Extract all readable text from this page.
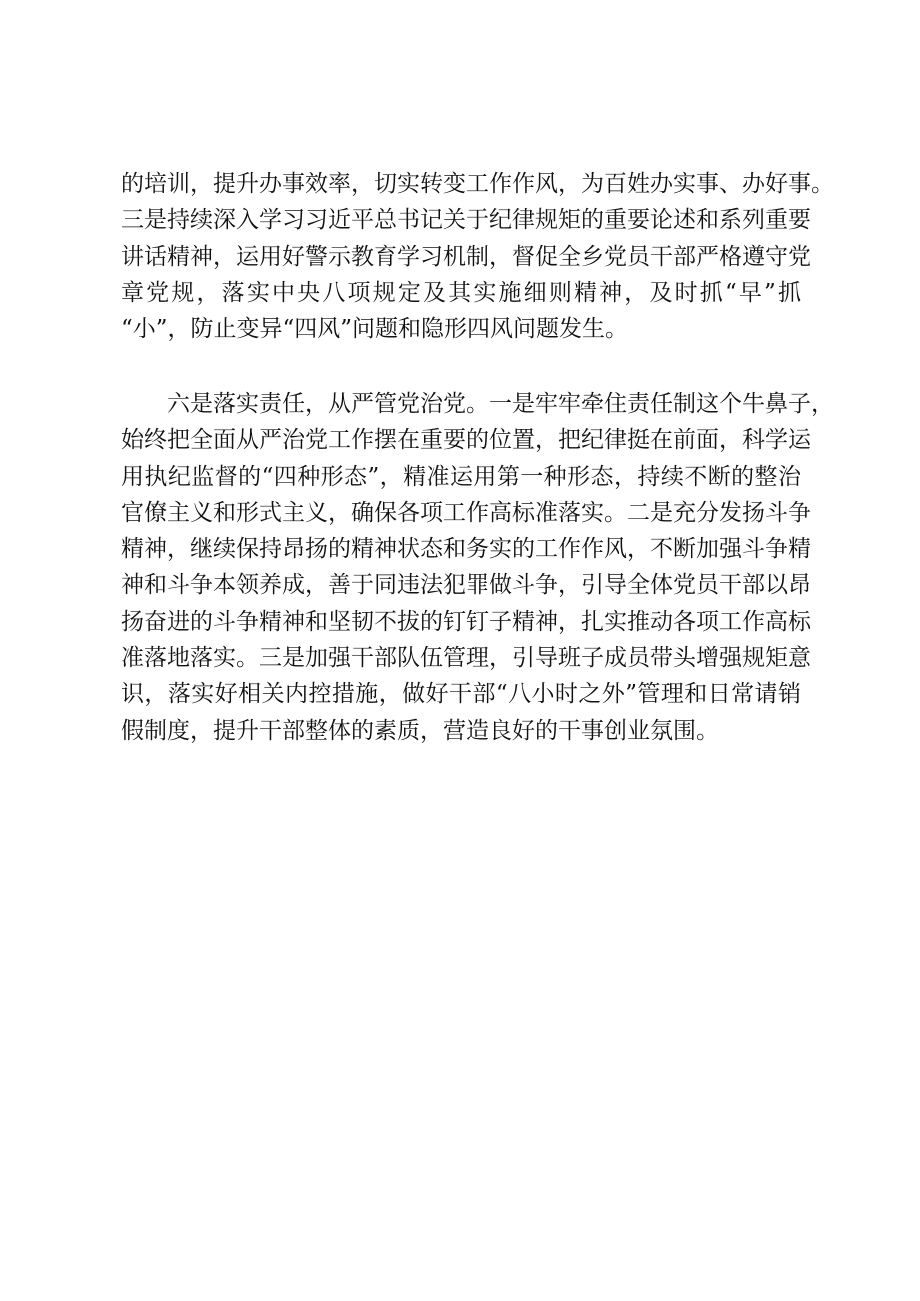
的培训，提升办事效率，切实转变工作作风，为百姓办实事、办好事。
三是持续深入学习习近平总书记关于纪律规矩的重要论述和系列重要
讲话精神，运用好警示教育学习机制，督促全乡党员干部严格遵守党
章党规，落实中央八项规定及其实施细则精神，及时抓“早”抓
“小”，防止变异“四风”问题和隐形四风问题发生。
六是落实责任，从严管党治党。一是牢牢牵住责任制这个牛鼻子，
始终把全面从严治党工作摆在重要的位置，把纪律挺在前面，科学运
用执纪监督的“四种形态”，精准运用第一种形态，持续不断的整治
官僚主义和形式主义，确保各项工作高标准落实。二是充分发扬斗争
精神，继续保持昂扬的精神状态和务实的工作作风，不断加强斗争精
神和斗争本领养成，善于同违法犯罪做斗争，引导全体党员干部以昂
扬奋进的斗争精神和坚韧不拔的钉钉子精神，扎实推动各项工作高标
准落地落实。三是加强干部队伍管理，引导班子成员带头增强规矩意
识，落实好相关内控措施，做好干部“八小时之外”管理和日常请销
假制度，提升干部整体的素质，营造良好的干事创业氛围。
